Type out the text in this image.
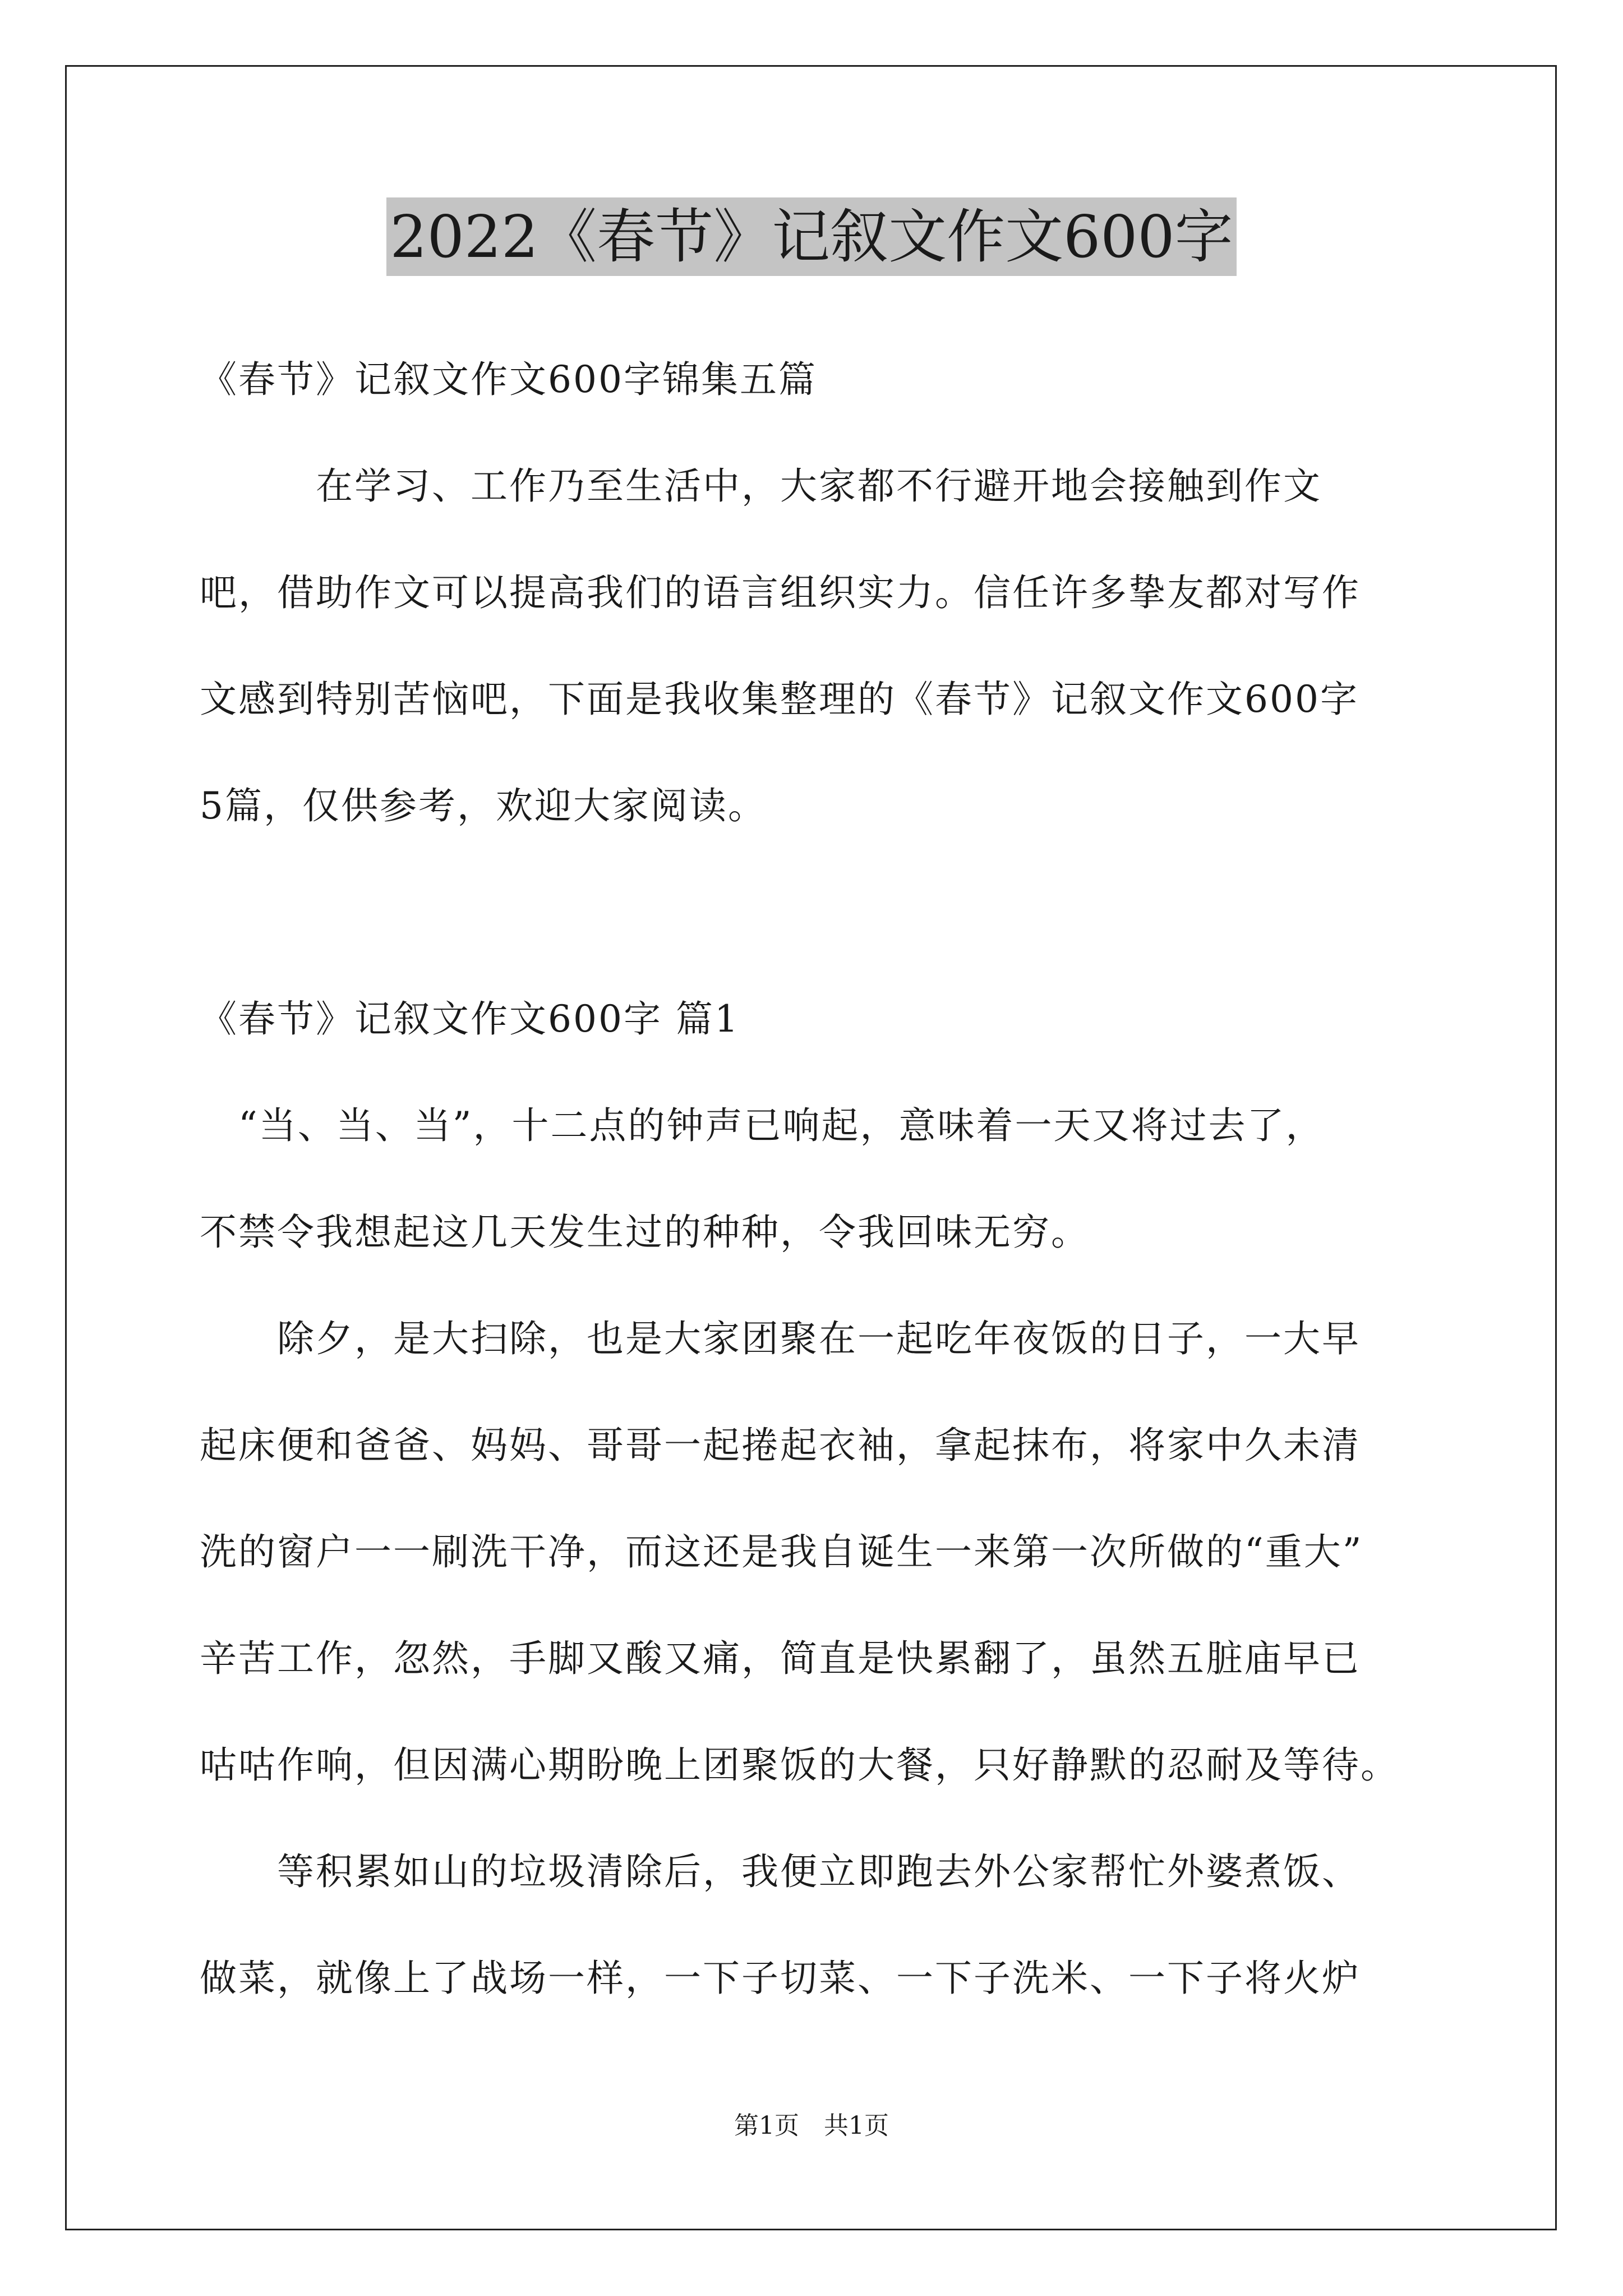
2022《春节》记叙文作文600字
《春节》记叙文作文600字锦集五篇
　　　在学习、工作乃至生活中，大家都不行避开地会接触到作文
吧，借助作文可以提高我们的语言组织实力。信任许多挚友都对写作
文感到特别苦恼吧，下面是我收集整理的《春节》记叙文作文600字
5篇，仅供参考，欢迎大家阅读。
《春节》记叙文作文600字 篇1
　“当、当、当”，十二点的钟声已响起，意味着一天又将过去了，
不禁令我想起这几天发生过的种种，令我回味无穷。
　　除夕，是大扫除，也是大家团聚在一起吃年夜饭的日子，一大早
起床便和爸爸、妈妈、哥哥一起捲起衣袖，拿起抹布，将家中久未清
洗的窗户一一刷洗干净，而这还是我自诞生一来第一次所做的“重大”
辛苦工作，忽然，手脚又酸又痛，简直是快累翻了，虽然五脏庙早已
咕咕作响，但因满心期盼晚上团聚饭的大餐，只好静默的忍耐及等待。
　　等积累如山的垃圾清除后，我便立即跑去外公家帮忙外婆煮饭、
做菜，就像上了战场一样，一下子切菜、一下子洗米、一下子将火炉
第1页　共1页
